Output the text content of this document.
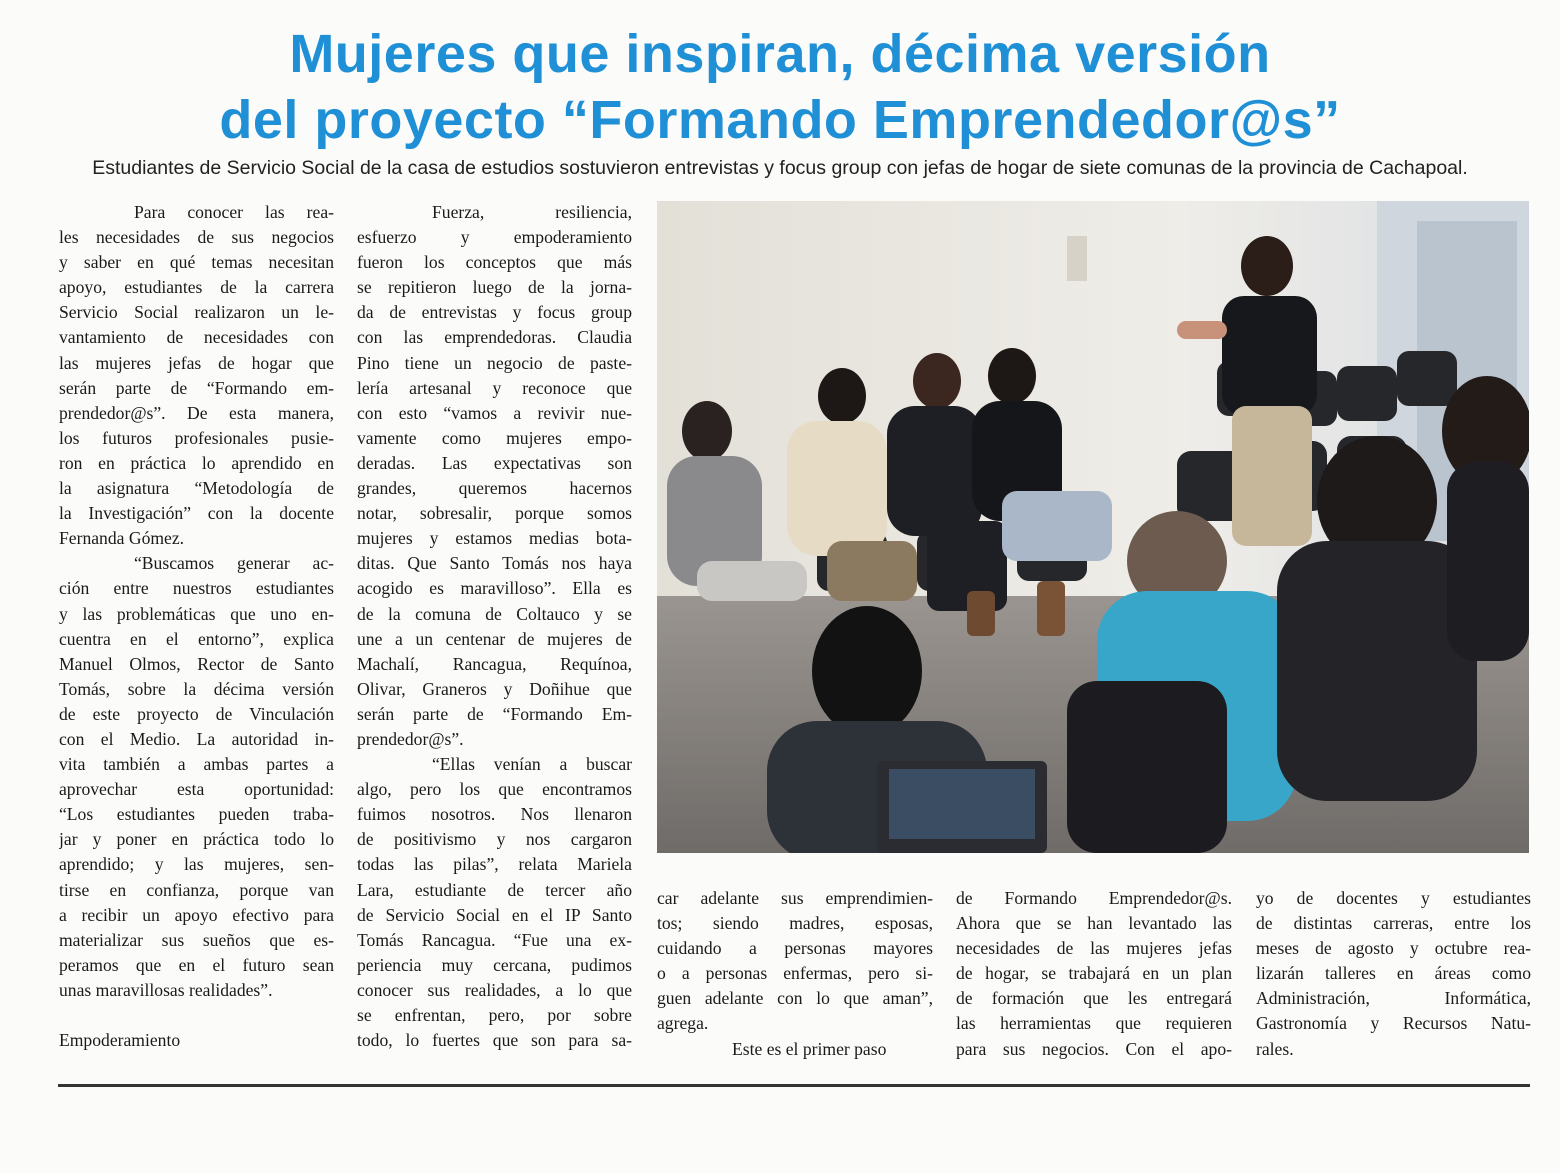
Mujeres que inspiran, décima versión
del proyecto “Formando Emprendedor@s”

Estudiantes de Servicio Social de la casa de estudios sostuvieron entrevistas y focus group con jefas de hogar de siete comunas de la provincia de Cachapoal.

Para conocer las rea-
les necesidades de sus negocios
y saber en qué temas necesitan
apoyo, estudiantes de la carrera
Servicio Social realizaron un le-
vantamiento de necesidades con
las mujeres jefas de hogar que
serán parte de “Formando em-
prendedor@s”. De esta manera,
los futuros profesionales pusie-
ron en práctica lo aprendido en
la asignatura “Metodología de
la Investigación” con la docente
Fernanda Gómez.
“Buscamos generar ac-
ción entre nuestros estudiantes
y las problemáticas que uno en-
cuentra en el entorno”, explica
Manuel Olmos, Rector de Santo
Tomás, sobre la décima versión
de este proyecto de Vinculación
con el Medio. La autoridad in-
vita también a ambas partes a
aprovechar esta oportunidad:
“Los estudiantes pueden traba-
jar y poner en práctica todo lo
aprendido; y las mujeres, sen-
tirse en confianza, porque van
a recibir un apoyo efectivo para
materializar sus sueños que es-
peramos que en el futuro sean
unas maravillosas realidades”.
Empoderamiento
Fuerza, resiliencia,
esfuerzo y empoderamiento
fueron los conceptos que más
se repitieron luego de la jorna-
da de entrevistas y focus group
con las emprendedoras. Claudia
Pino tiene un negocio de paste-
lería artesanal y reconoce que
con esto “vamos a revivir nue-
vamente como mujeres empo-
deradas. Las expectativas son
grandes, queremos hacernos
notar, sobresalir, porque somos
mujeres y estamos medias bota-
ditas. Que Santo Tomás nos haya
acogido es maravilloso”. Ella es
de la comuna de Coltauco y se
une a un centenar de mujeres de
Machalí, Rancagua, Requínoa,
Olivar, Graneros y Doñihue que
serán parte de “Formando Em-
prendedor@s”.
“Ellas venían a buscar
algo, pero los que encontramos
fuimos nosotros. Nos llenaron
de positivismo y nos cargaron
todas las pilas”, relata Mariela
Lara, estudiante de tercer año
de Servicio Social en el IP Santo
Tomás Rancagua. “Fue una ex-
periencia muy cercana, pudimos
conocer sus realidades, a lo que
se enfrentan, pero, por sobre
todo, lo fuertes que son para sa-
car adelante sus emprendimien-
tos; siendo madres, esposas,
cuidando a personas mayores
o a personas enfermas, pero si-
guen adelante con lo que aman”,
agrega.
Este es el primer paso
de Formando Emprendedor@s.
Ahora que se han levantado las
necesidades de las mujeres jefas
de hogar, se trabajará en un plan
de formación que les entregará
las herramientas que requieren
para sus negocios. Con el apo-
yo de docentes y estudiantes
de distintas carreras, entre los
meses de agosto y octubre rea-
lizarán talleres en áreas como
Administración, Informática,
Gastronomía y Recursos Natu-
rales.
